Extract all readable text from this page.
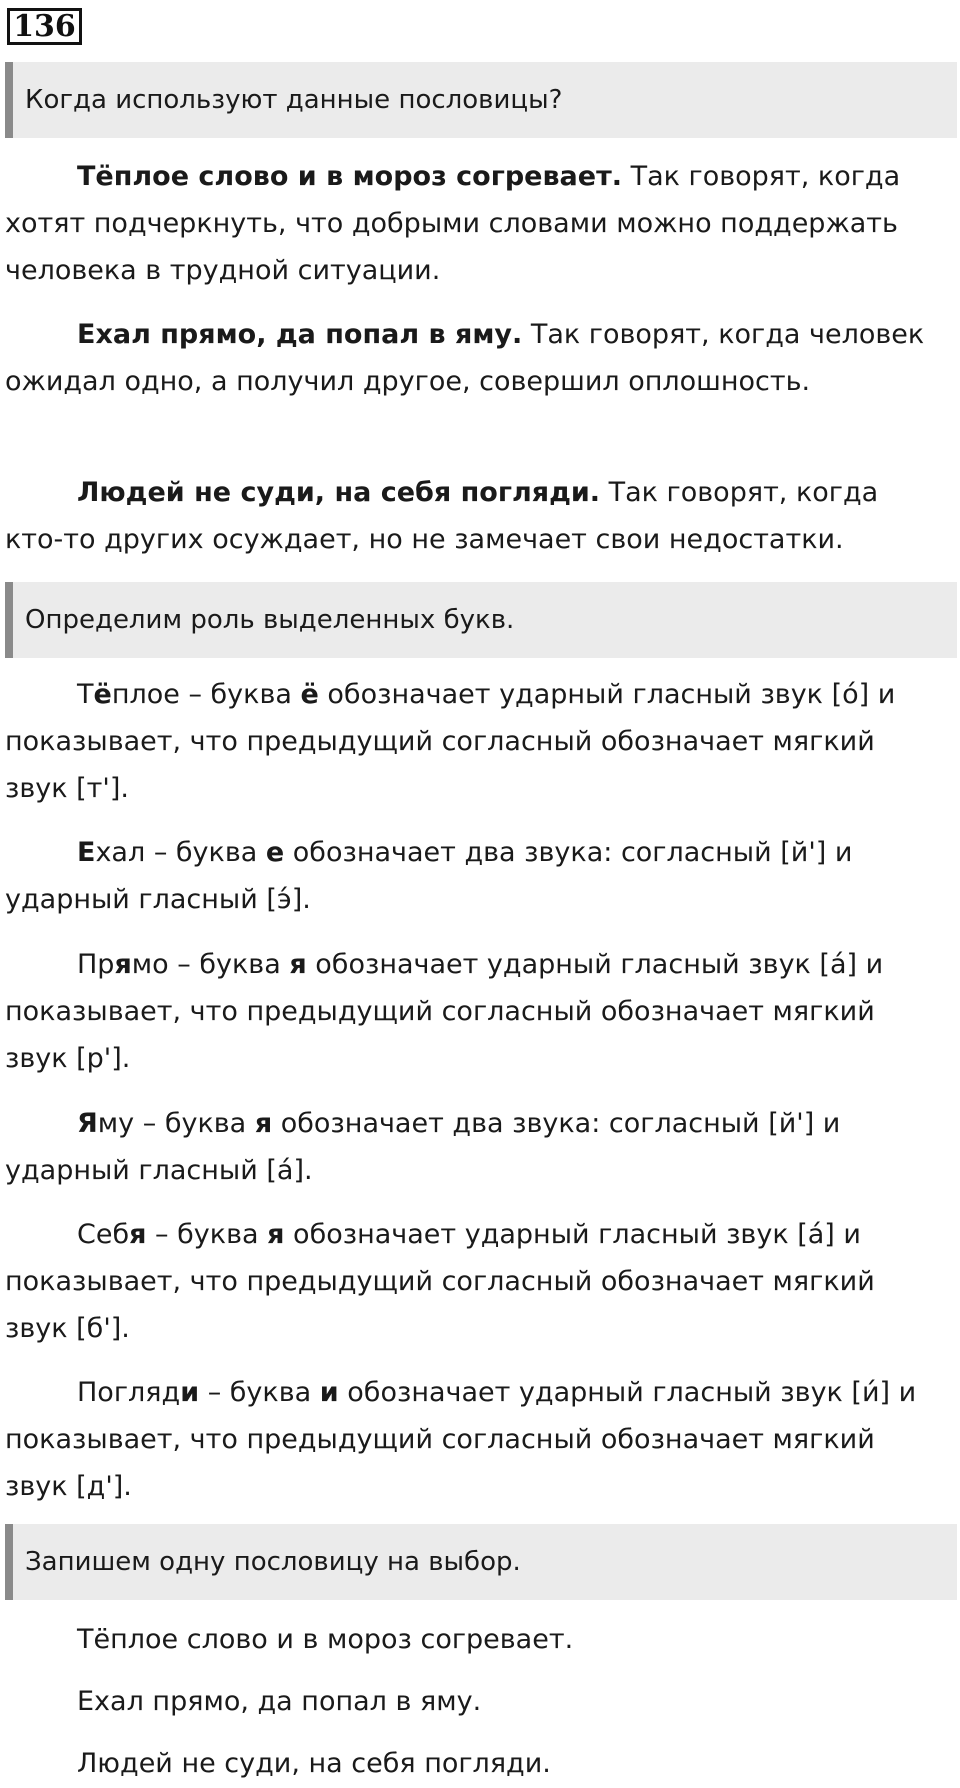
136
Когда используют данные пословицы?

Тёплое слово и в мороз согревает. Так говорят, когда хотят подчеркнуть, что добрыми словами можно поддержать человека в трудной ситуации.

Ехал прямо, да попал в яму. Так говорят, когда человек ожидал одно, а получил другое, совершил оплошность.

Людей не суди, на себя погляди. Так говорят, когда кто-то других осуждает, но не замечает свои недостатки.

Определим роль выделенных букв.

Тёплое – буква ё обозначает ударный гласный звук [о́] и показывает, что предыдущий согласный обозначает мягкий звук [т'].

Ехал – буква е обозначает два звука: согласный [й'] и ударный гласный [э́].

Прямо – буква я обозначает ударный гласный звук [а́] и показывает, что предыдущий согласный обозначает мягкий звук [р'].

Яму – буква я обозначает два звука: согласный [й'] и ударный гласный [а́].

Себя – буква я обозначает ударный гласный звук [а́] и показывает, что предыдущий согласный обозначает мягкий звук [б'].

Погляди – буква и обозначает ударный гласный звук [и́] и показывает, что предыдущий согласный обозначает мягкий звук [д'].

Запишем одну пословицу на выбор.

Тёплое слово и в мороз согревает.

Ехал прямо, да попал в яму.

Людей не суди, на себя погляди.
